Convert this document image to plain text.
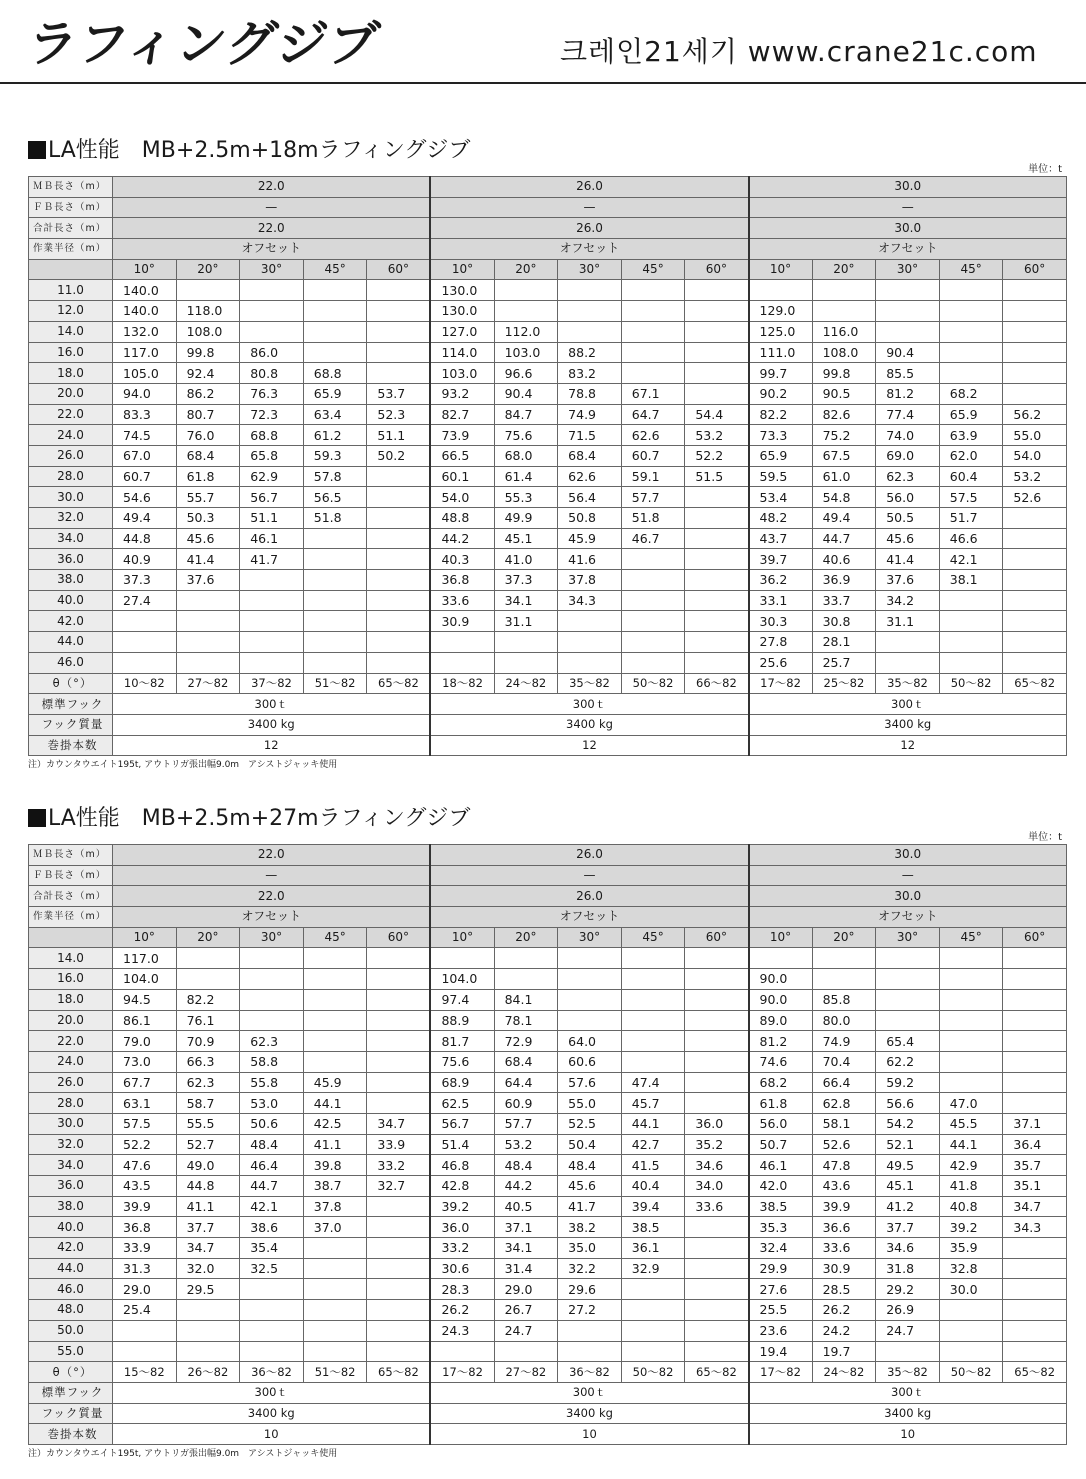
ラフィングジブ	크레인21세기 www.crane21c.com
LA性能　MB+2.5m+18mラフィングジブ
単位：t
ＭＢ長さ（m）	22.0					26.0					30.0				
ＦＢ長さ（m）	—					—					—				
合計長さ（m）	22.0					26.0					30.0				
作業半径（m）	オフセット					オフセット					オフセット				
	10°	20°	30°	45°	60°	10°	20°	30°	45°	60°	10°	20°	30°	45°	60°
11.0	140.0					130.0									
12.0	140.0	118.0				130.0					129.0				
14.0	132.0	108.0				127.0	112.0				125.0	116.0			
16.0	117.0	99.8	86.0			114.0	103.0	88.2			111.0	108.0	90.4		
18.0	105.0	92.4	80.8	68.8		103.0	96.6	83.2			99.7	99.8	85.5		
20.0	94.0	86.2	76.3	65.9	53.7	93.2	90.4	78.8	67.1		90.2	90.5	81.2	68.2	
22.0	83.3	80.7	72.3	63.4	52.3	82.7	84.7	74.9	64.7	54.4	82.2	82.6	77.4	65.9	56.2
24.0	74.5	76.0	68.8	61.2	51.1	73.9	75.6	71.5	62.6	53.2	73.3	75.2	74.0	63.9	55.0
26.0	67.0	68.4	65.8	59.3	50.2	66.5	68.0	68.4	60.7	52.2	65.9	67.5	69.0	62.0	54.0
28.0	60.7	61.8	62.9	57.8		60.1	61.4	62.6	59.1	51.5	59.5	61.0	62.3	60.4	53.2
30.0	54.6	55.7	56.7	56.5		54.0	55.3	56.4	57.7		53.4	54.8	56.0	57.5	52.6
32.0	49.4	50.3	51.1	51.8		48.8	49.9	50.8	51.8		48.2	49.4	50.5	51.7	
34.0	44.8	45.6	46.1			44.2	45.1	45.9	46.7		43.7	44.7	45.6	46.6	
36.0	40.9	41.4	41.7			40.3	41.0	41.6			39.7	40.6	41.4	42.1	
38.0	37.3	37.6				36.8	37.3	37.8			36.2	36.9	37.6	38.1	
40.0	27.4					33.6	34.1	34.3			33.1	33.7	34.2		
42.0						30.9	31.1				30.3	30.8	31.1		
44.0											27.8	28.1			
46.0											25.6	25.7			
θ（°）	10〜82	27〜82	37〜82	51〜82	65〜82	18〜82	24〜82	35〜82	50〜82	66〜82	17〜82	25〜82	35〜82	50〜82	65〜82
標準フック	300ｔ					300ｔ					300ｔ				
フック質量	3400 kg					3400 kg					3400 kg				
巻掛本数	12					12					12				
注）カウンタウエイト195t, アウトリガ張出幅9.0m　アシストジャッキ使用
LA性能　MB+2.5m+27mラフィングジブ
単位：t
ＭＢ長さ（m）	22.0					26.0					30.0				
ＦＢ長さ（m）	—					—					—				
合計長さ（m）	22.0					26.0					30.0				
作業半径（m）	オフセット					オフセット					オフセット				
	10°	20°	30°	45°	60°	10°	20°	30°	45°	60°	10°	20°	30°	45°	60°
14.0	117.0														
16.0	104.0					104.0					90.0				
18.0	94.5	82.2				97.4	84.1				90.0	85.8			
20.0	86.1	76.1				88.9	78.1				89.0	80.0			
22.0	79.0	70.9	62.3			81.7	72.9	64.0			81.2	74.9	65.4		
24.0	73.0	66.3	58.8			75.6	68.4	60.6			74.6	70.4	62.2		
26.0	67.7	62.3	55.8	45.9		68.9	64.4	57.6	47.4		68.2	66.4	59.2		
28.0	63.1	58.7	53.0	44.1		62.5	60.9	55.0	45.7		61.8	62.8	56.6	47.0	
30.0	57.5	55.5	50.6	42.5	34.7	56.7	57.7	52.5	44.1	36.0	56.0	58.1	54.2	45.5	37.1
32.0	52.2	52.7	48.4	41.1	33.9	51.4	53.2	50.4	42.7	35.2	50.7	52.6	52.1	44.1	36.4
34.0	47.6	49.0	46.4	39.8	33.2	46.8	48.4	48.4	41.5	34.6	46.1	47.8	49.5	42.9	35.7
36.0	43.5	44.8	44.7	38.7	32.7	42.8	44.2	45.6	40.4	34.0	42.0	43.6	45.1	41.8	35.1
38.0	39.9	41.1	42.1	37.8		39.2	40.5	41.7	39.4	33.6	38.5	39.9	41.2	40.8	34.7
40.0	36.8	37.7	38.6	37.0		36.0	37.1	38.2	38.5		35.3	36.6	37.7	39.2	34.3
42.0	33.9	34.7	35.4			33.2	34.1	35.0	36.1		32.4	33.6	34.6	35.9	
44.0	31.3	32.0	32.5			30.6	31.4	32.2	32.9		29.9	30.9	31.8	32.8	
46.0	29.0	29.5				28.3	29.0	29.6			27.6	28.5	29.2	30.0	
48.0	25.4					26.2	26.7	27.2			25.5	26.2	26.9		
50.0						24.3	24.7				23.6	24.2	24.7		
55.0											19.4	19.7			
θ（°）	15〜82	26〜82	36〜82	51〜82	65〜82	17〜82	27〜82	36〜82	50〜82	65〜82	17〜82	24〜82	35〜82	50〜82	65〜82
標準フック	300ｔ					300ｔ					300ｔ				
フック質量	3400 kg					3400 kg					3400 kg				
巻掛本数	10					10					10				
注）カウンタウエイト195t, アウトリガ張出幅9.0m　アシストジャッキ使用
